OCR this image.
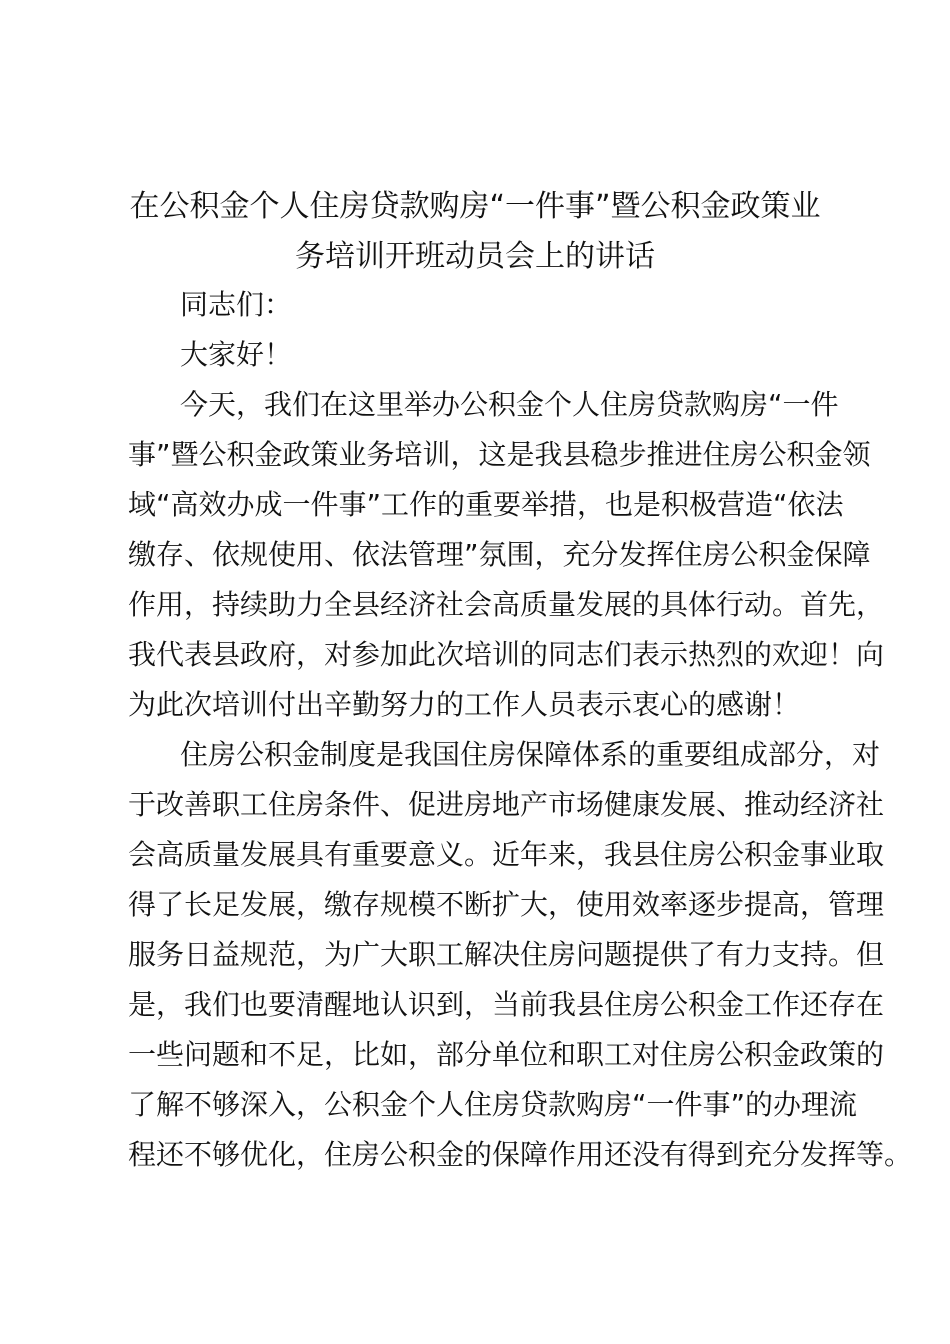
在公积金个人住房贷款购房“一件事”暨公积金政策业
务培训开班动员会上的讲话
同志们：
大家好！
今天，我们在这里举办公积金个人住房贷款购房“一件
事”暨公积金政策业务培训，这是我县稳步推进住房公积金领
域“高效办成一件事”工作的重要举措，也是积极营造“依法
缴存、依规使用、依法管理”氛围，充分发挥住房公积金保障
作用，持续助力全县经济社会高质量发展的具体行动。首先，
我代表县政府，对参加此次培训的同志们表示热烈的欢迎！向
为此次培训付出辛勤努力的工作人员表示衷心的感谢！
住房公积金制度是我国住房保障体系的重要组成部分，对
于改善职工住房条件、促进房地产市场健康发展、推动经济社
会高质量发展具有重要意义。近年来，我县住房公积金事业取
得了长足发展，缴存规模不断扩大，使用效率逐步提高，管理
服务日益规范，为广大职工解决住房问题提供了有力支持。但
是，我们也要清醒地认识到，当前我县住房公积金工作还存在
一些问题和不足，比如，部分单位和职工对住房公积金政策的
了解不够深入，公积金个人住房贷款购房“一件事”的办理流
程还不够优化，住房公积金的保障作用还没有得到充分发挥等。
